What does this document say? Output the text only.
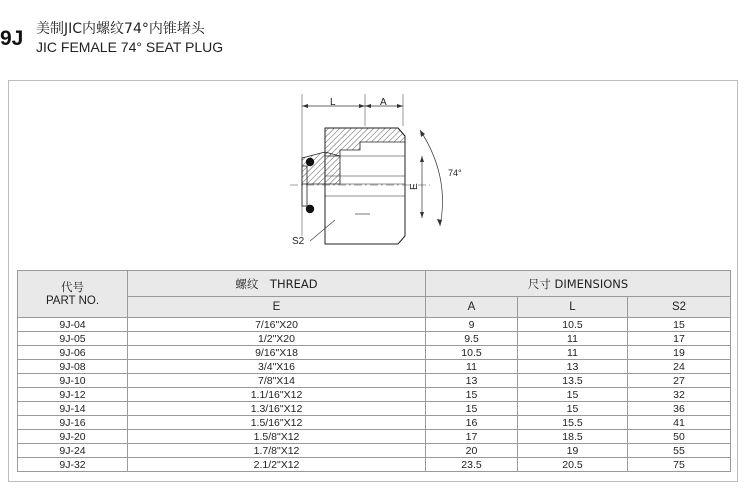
9J 美制JIC内螺纹74°内锥堵头
JIC FEMALE 74° SEAT PLUG
L	A
E
74°
S2
代号
PART NO.	螺纹　THREAD	尺寸 DIMENSIONS		
	E	A	L	S2
9J-04	7/16"X20	9	10.5	15
9J-05	1/2"X20	9.5	11	17
9J-06	9/16"X18	10.5	11	19
9J-08	3/4"X16	11	13	24
9J-10	7/8"X14	13	13.5	27
9J-12	1.1/16"X12	15	15	32
9J-14	1.3/16"X12	15	15	36
9J-16	1.5/16"X12	16	15.5	41
9J-20	1.5/8"X12	17	18.5	50
9J-24	1.7/8"X12	20	19	55
9J-32	2.1/2"X12	23.5	20.5	75
